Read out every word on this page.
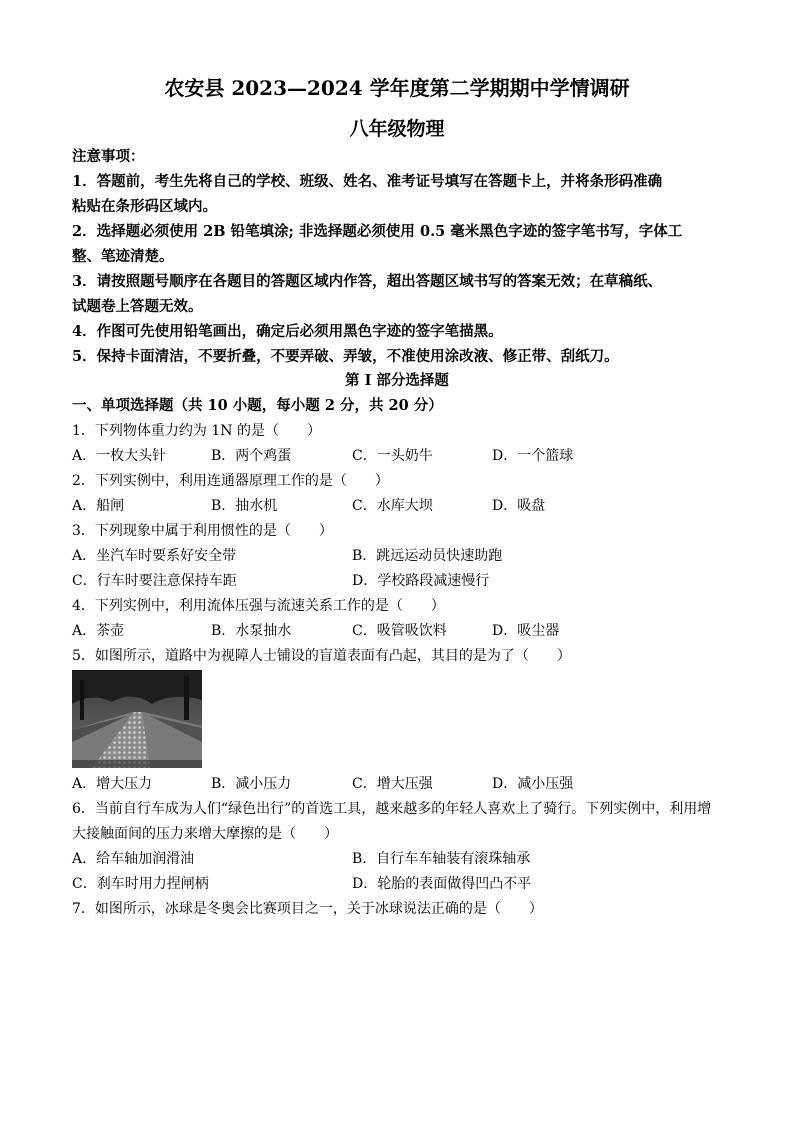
农安县 2023—2024 学年度第二学期期中学情调研
八年级物理
注意事项：
1．答题前，考生先将自己的学校、班级、姓名、准考证号填写在答题卡上，并将条形码准确
粘贴在条形码区域内。
2．选择题必须使用 2B 铅笔填涂; 非选择题必须使用 0.5 毫米黑色字迹的签字笔书写，字体工
整、笔迹清楚。
3．请按照题号顺序在各题目的答题区域内作答，超出答题区域书写的答案无效；在草稿纸、
试题卷上答题无效。
4．作图可先使用铅笔画出，确定后必须用黑色字迹的签字笔描黑。
5．保持卡面清洁，不要折叠，不要弄破、弄皱，不准使用涂改液、修正带、刮纸刀。
第 I 部分选择题
一、单项选择题（共 10 小题，每小题 2 分，共 20 分）
1．下列物体重力约为 1N 的是（　　）
A．一枚大头针	B．两个鸡蛋	C．一头奶牛	D．一个篮球
2．下列实例中，利用连通器原理工作的是（　　）
A．船闸	B．抽水机	C．水库大坝	D．吸盘
3．下列现象中属于利用惯性的是（　　）
A．坐汽车时要系好安全带	B．跳远运动员快速助跑
C．行车时要注意保持车距	D．学校路段减速慢行
4．下列实例中，利用流体压强与流速关系工作的是（　　）
A．茶壶	B．水泵抽水	C．吸管吸饮料	D．吸尘器
5．如图所示，道路中为视障人士铺设的盲道表面有凸起，其目的是为了（　　）
A．增大压力	B．减小压力	C．增大压强	D．减小压强
6．当前自行车成为人们“绿色出行”的首选工具，越来越多的年轻人喜欢上了骑行。下列实例中，利用增
大接触面间的压力来增大摩擦的是（　　）
A．给车轴加润滑油	B．自行车车轴装有滚珠轴承
C．刹车时用力捏闸柄	D．轮胎的表面做得凹凸不平
7．如图所示，冰球是冬奥会比赛项目之一，关于冰球说法正确的是（　　）
